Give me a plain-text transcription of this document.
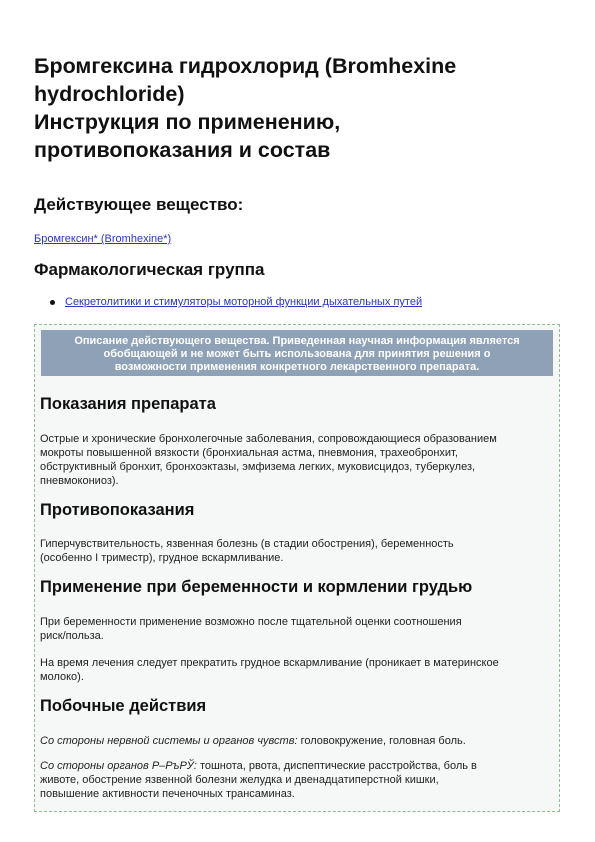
Бромгексина гидрохлорид (Bromhexine
hydrochloride)
Инструкция по применению,
противопоказания и состав
Действующее вещество:
Бромгексин* (Bromhexine*)
Фармакологическая группа
Секретолитики и стимуляторы моторной функции дыхательных путей
Описание действующего вещества. Приведенная научная информация является
обобщающей и не может быть использована для принятия решения о
возможности применения конкретного лекарственного препарата.
Показания препарата

Острые и хронические бронхолегочные заболевания, сопровождающиеся образованием
мокроты повышенной вязкости (бронхиальная астма, пневмония, трахеобронхит,
обструктивный бронхит, бронхоэктазы, эмфизема легких, муковисцидоз, туберкулез,
пневмокониоз).

Противопоказания

Гиперчувствительность, язвенная болезнь (в стадии обострения), беременность
(особенно I триместр), грудное вскармливание.

Применение при беременности и кормлении грудью

При беременности применение возможно после тщательной оценки соотношения
риск/польза.

На время лечения следует прекратить грудное вскармливание (проникает в материнское
молоко).

Побочные действия

Со стороны нервной системы и органов чувств: головокружение, головная боль.

Со стороны органов Р–РъРЎ: тошнота, рвота, диспептические расстройства, боль в
животе, обострение язвенной болезни желудка и двенадцатиперстной кишки,
повышение активности печеночных трансаминаз.
